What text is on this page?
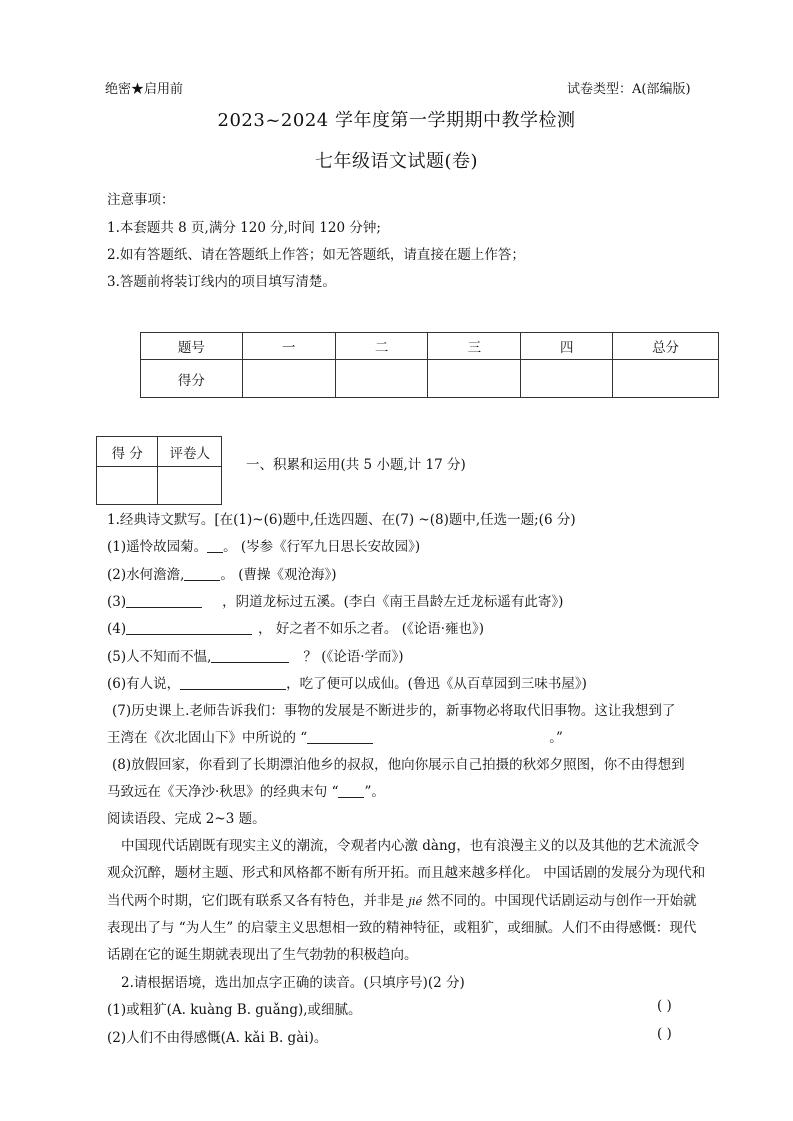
绝密★启用前	试卷类型：A(部编版)
2023~2024 学年度第一学期期中教学检测
七年级语文试题(卷)
注意事项：
1.本套题共 8 页,满分 120 分,时间 120 分钟;
2.如有答题纸、请在答题纸上作答；如无答题纸，请直接在题上作答；
3.答题前将装订线内的项目填写清楚。
题号	一	二	三	四	总分
得分					
得 分	评卷人

一、积累和运用(共 5 小题,计 17 分)
1.经典诗文默写。[在(1)~(6)题中,任选四题、在(7) ~(8)题中,任选一题;(6 分)
(1)遥怜故园菊。 。 (岑参《行军九日思长安故园》)
(2)水何澹澹,	。 (曹操《观沧海》)
(3)	，阴道龙标过五溪。(李白《南王昌龄左迁龙标遥有此寄》)
(4)	， 好之者不如乐之者。 (《论语·雍也》)
(5)人不知而不愠,	？ (《论语·学而》)
(6)有人说，	，吃了便可以成仙。(鲁迅《从百草园到三味书屋》)
(7)历史课上.老师告诉我们：事物的发展是不断进步的，新事物必将取代旧事物。这让我想到了
王湾在《次北固山下》中所说的 “	。”
(8)放假回家，你看到了长期漂泊他乡的叔叔，他向你展示自己拍摄的秋郊夕照图，你不由得想到
马致远在《天净沙·秋思》的经典末句 “ ”。
阅读语段、完成 2~3 题。
中国现代话剧既有现实主义的潮流，令观者内心激 dàng，也有浪漫主义的以及其他的艺术流派令
观众沉醉，题材主题、形式和风格都不断有所开拓。而且越来越多样化。 中国话剧的发展分为现代和
当代两个时期，它们既有联系又各有特色，并非是 jié 然不同的。中国现代话剧运动与创作一开始就
表现出了与 “为人生” 的启蒙主义思想相一致的精神特征，或粗犷，或细腻。人们不由得感慨：现代
话剧在它的诞生期就表现出了生气勃勃的积极趋向。
2.请根据语境，选出加点字正确的读音。(只填序号)(2 分)
(1)或粗犷(A. kuàng B. guǎng),或细腻。	( )
(2)人们不由得感慨(A. kǎi B. gài)。	( )
